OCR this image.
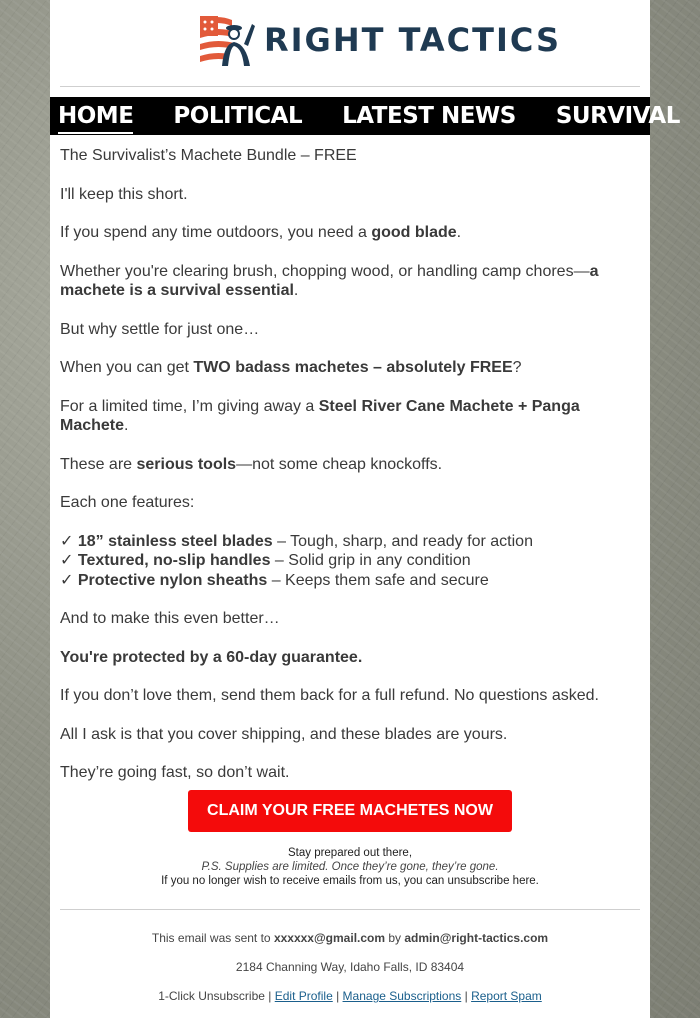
RIGHT TACTICS
HOME POLITICAL LATEST NEWS SURVIVAL

The Survivalist’s Machete Bundle – FREE

I'll keep this short.

If you spend any time outdoors, you need a good blade.

Whether you're clearing brush, chopping wood, or handling camp chores—a machete is a survival essential.

But why settle for just one…

When you can get TWO badass machetes – absolutely FREE?

For a limited time, I’m giving away a Steel River Cane Machete + Panga Machete.

These are serious tools—not some cheap knockoffs.

Each one features:

✓ 18” stainless steel blades – Tough, sharp, and ready for action
✓ Textured, no-slip handles – Solid grip in any condition
✓ Protective nylon sheaths – Keeps them safe and secure

And to make this even better…

You're protected by a 60-day guarantee.

If you don’t love them, send them back for a full refund. No questions asked.

All I ask is that you cover shipping, and these blades are yours.

They’re going fast, so don’t wait.

CLAIM YOUR FREE MACHETES NOW
Stay prepared out there,
P.S. Supplies are limited. Once they’re gone, they’re gone.
If you no longer wish to receive emails from us, you can unsubscribe here.
This email was sent to xxxxxx@gmail.com by admin@right-tactics.com
2184 Channing Way, Idaho Falls, ID 83404
1-Click Unsubscribe | Edit Profile | Manage Subscriptions | Report Spam
